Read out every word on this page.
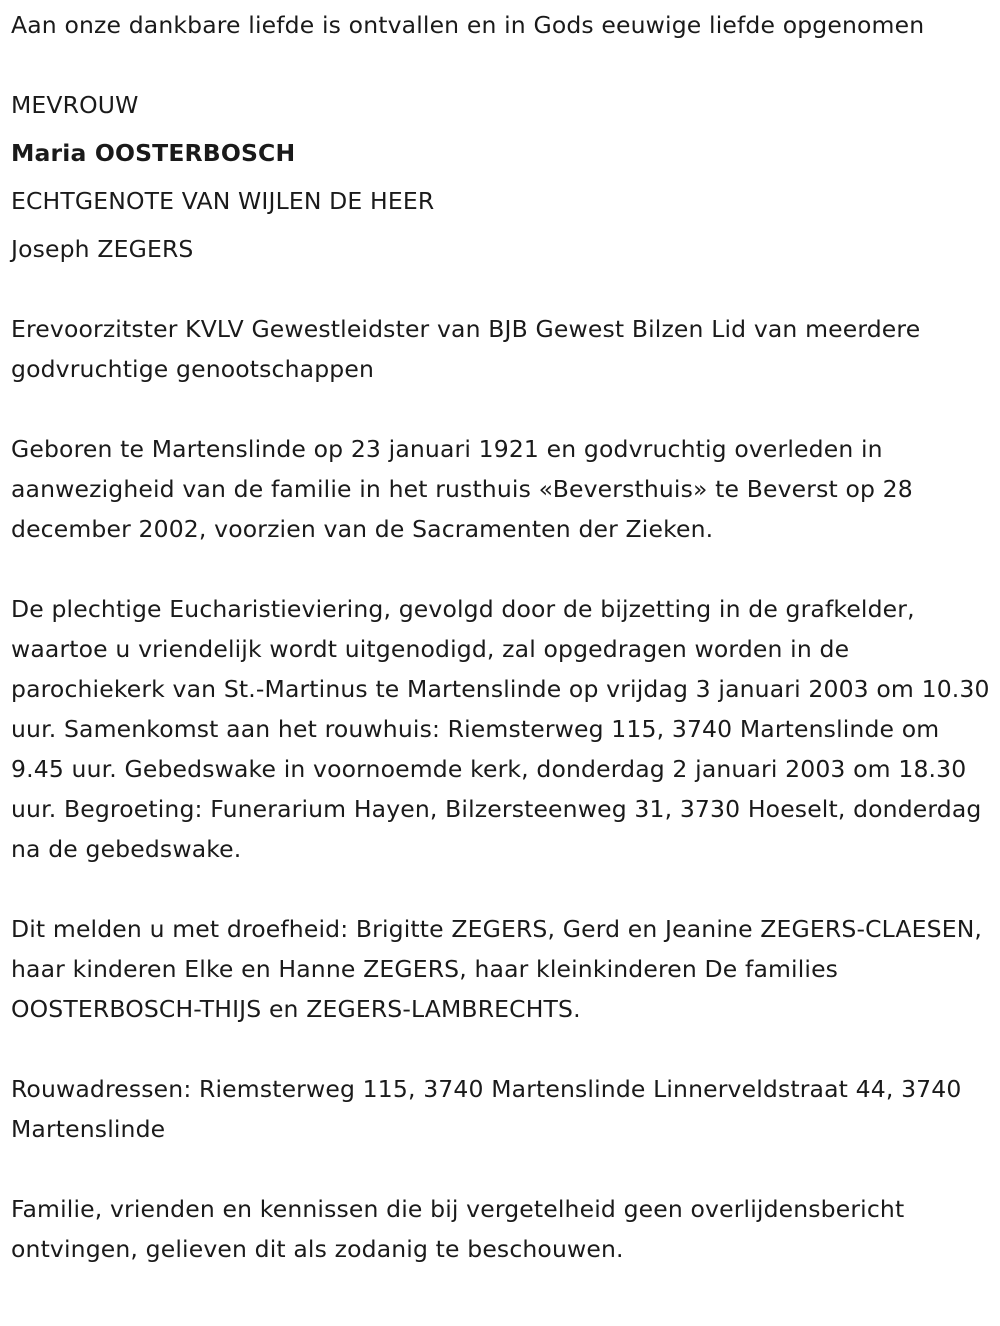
Aan onze dankbare liefde is ontvallen en in Gods eeuwige liefde opgenomen

MEVROUW
Maria OOSTERBOSCH
ECHTGENOTE VAN WIJLEN DE HEER
Joseph ZEGERS

Erevoorzitster KVLV Gewestleidster van BJB Gewest Bilzen Lid van meerdere godvruchtige genootschappen

Geboren te Martenslinde op 23 januari 1921 en godvruchtig overleden in aanwezigheid van de familie in het rusthuis «Beversthuis» te Beverst op 28 december 2002, voorzien van de Sacramenten der Zieken.

De plechtige Eucharistieviering, gevolgd door de bijzetting in de grafkelder, waartoe u vriendelijk wordt uitgenodigd, zal opgedragen worden in de parochiekerk van St.-Martinus te Martenslinde op vrijdag 3 januari 2003 om 10.30 uur. Samenkomst aan het rouwhuis: Riemsterweg 115, 3740 Martenslinde om 9.45 uur. Gebedswake in voornoemde kerk, donderdag 2 januari 2003 om 18.30 uur. Begroeting: Funerarium Hayen, Bilzersteenweg 31, 3730 Hoeselt, donderdag na de gebedswake.

Dit melden u met droefheid: Brigitte ZEGERS, Gerd en Jeanine ZEGERS-CLAESEN, haar kinderen Elke en Hanne ZEGERS, haar kleinkinderen De families OOSTERBOSCH-THIJS en ZEGERS-LAMBRECHTS.

Rouwadressen: Riemsterweg 115, 3740 Martenslinde Linnerveldstraat 44, 3740 Martenslinde

Familie, vrienden en kennissen die bij vergetelheid geen overlijdensbericht ontvingen, gelieven dit als zodanig te beschouwen.
